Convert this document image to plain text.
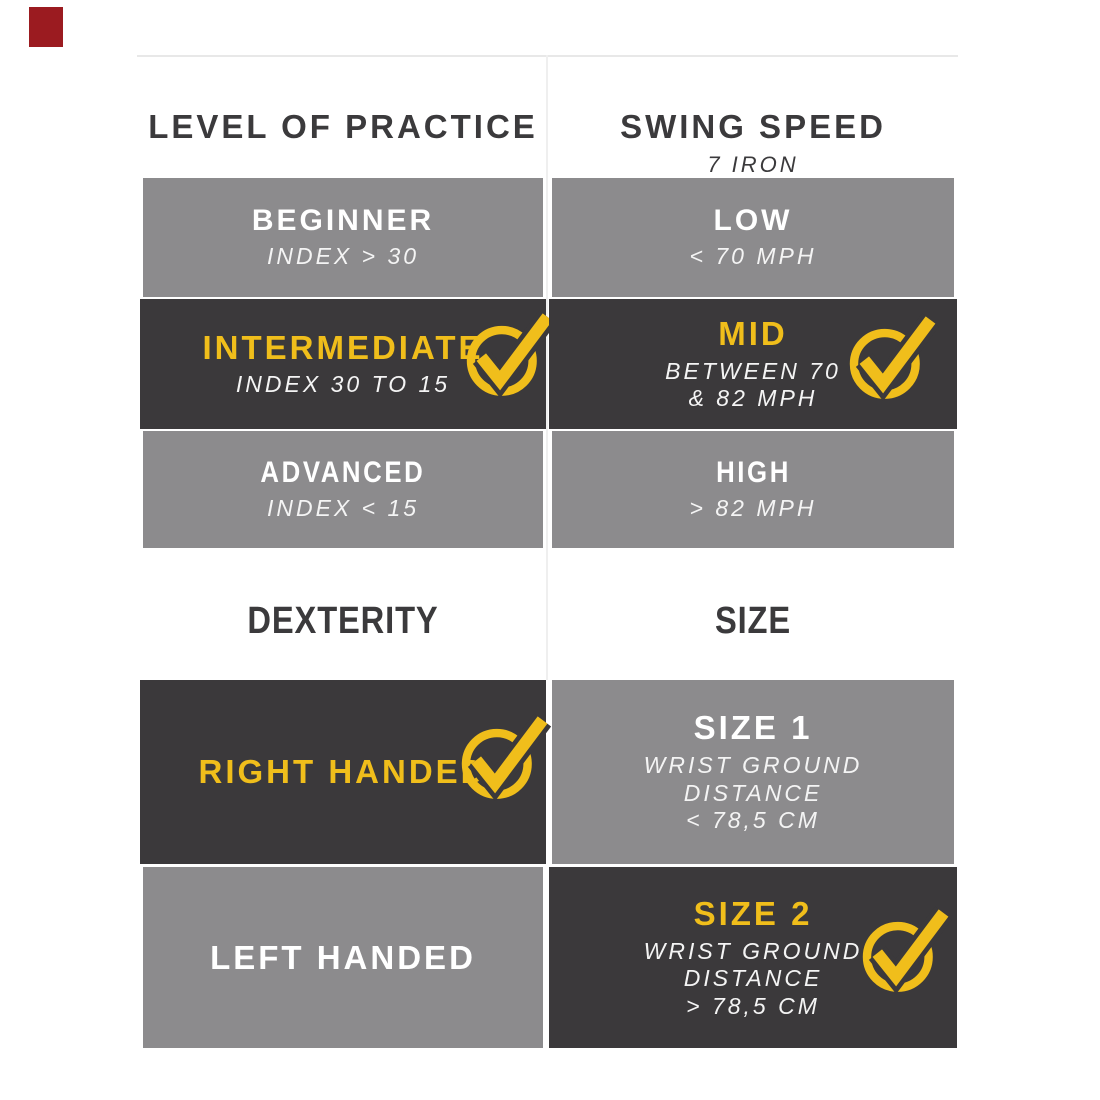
LEVEL OF PRACTICE	SWING SPEED
7 IRON
DEXTERITY	SIZE
BEGINNER
INDEX > 30
INTERMEDIATE
INDEX 30 TO 15
ADVANCED
INDEX < 15
LOW
< 70 MPH
MID
BETWEEN 70
& 82 MPH
HIGH
> 82 MPH
RIGHT HANDED
LEFT HANDED
SIZE 1
WRIST GROUND
DISTANCE
< 78,5 CM
SIZE 2
WRIST GROUND
DISTANCE
> 78,5 CM
